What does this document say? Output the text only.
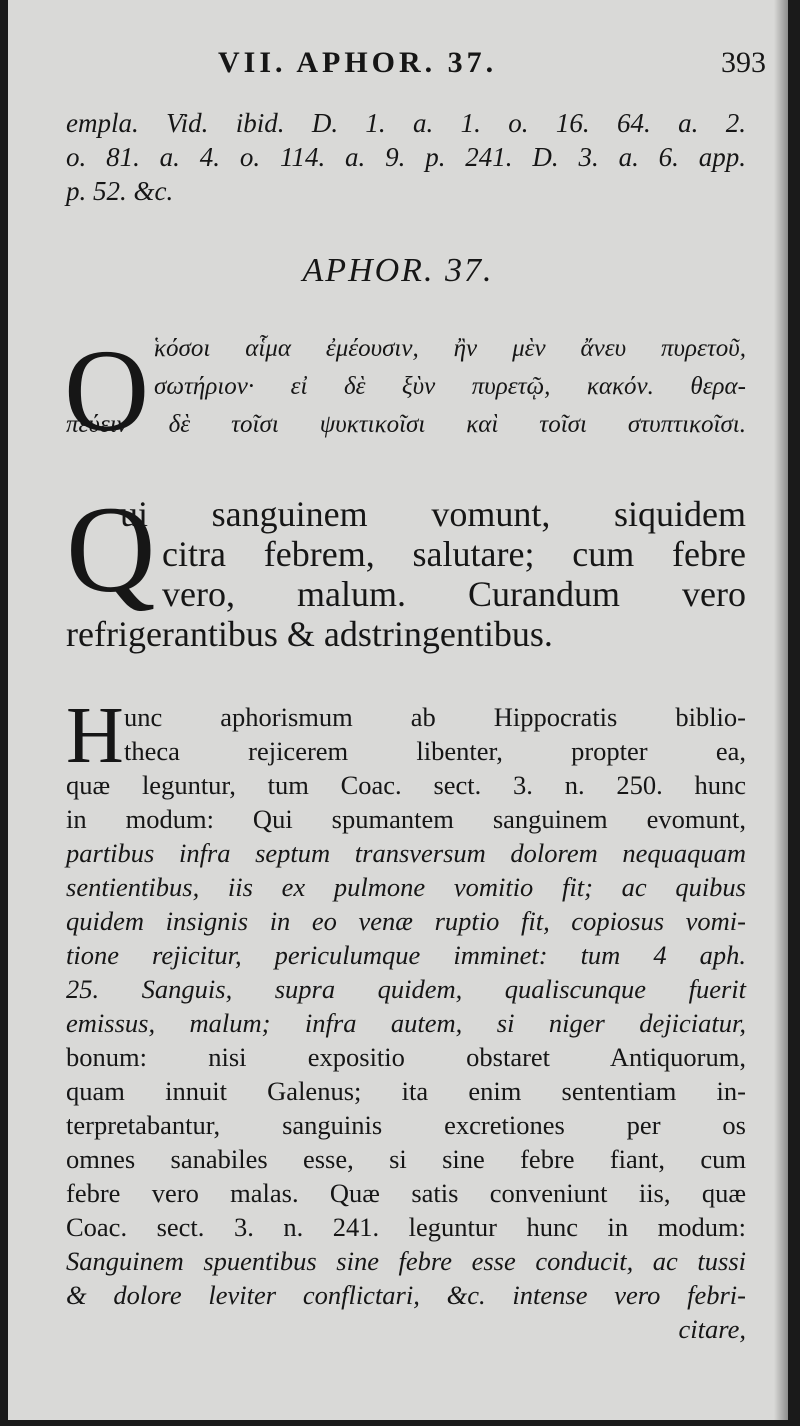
VII. APHOR. 37.	393
empla. Vid. ibid. D. 1. a. 1. o. 16. 64. a. 2.
o. 81. a. 4. o. 114. a. 9. p. 241. D. 3. a. 6. app.
p. 52. &c.
APHOR. 37.
O ̔κόσοι αἷμα ἐμέουσιν, ἢν μὲν ἄνευ πυρετοῦ,
σωτήριον· εἰ δὲ ξὺν πυρετῷ, κακόν. θερα-
πεύειν δὲ τοῖσι ψυκτικοῖσι καὶ τοῖσι στυπτικοῖσι.
Q
ui sanguinem vomunt, siquidem
citra febrem, salutare; cum febre
vero, malum. Curandum vero
refrigerantibus & adstringentibus.
H unc aphorismum ab Hippocratis biblio-
theca rejicerem libenter, propter ea,
quæ leguntur, tum Coac. sect. 3. n. 250. hunc
in modum: Qui spumantem sanguinem evomunt,
partibus infra septum transversum dolorem nequaquam
sentientibus, iis ex pulmone vomitio fit; ac quibus
quidem insignis in eo venæ ruptio fit, copiosus vomi-
tione rejicitur, periculumque imminet: tum 4 aph.
25. Sanguis, supra quidem, qualiscunque fuerit
emissus, malum; infra autem, si niger dejiciatur,
bonum: nisi expositio obstaret Antiquorum,
quam innuit Galenus; ita enim sententiam in-
terpretabantur, sanguinis excretiones per os
omnes sanabiles esse, si sine febre fiant, cum
febre vero malas. Quæ satis conveniunt iis, quæ
Coac. sect. 3. n. 241. leguntur hunc in modum:
Sanguinem spuentibus sine febre esse conducit, ac tussi
& dolore leviter conflictari, &c. intense vero febri-
citare,
